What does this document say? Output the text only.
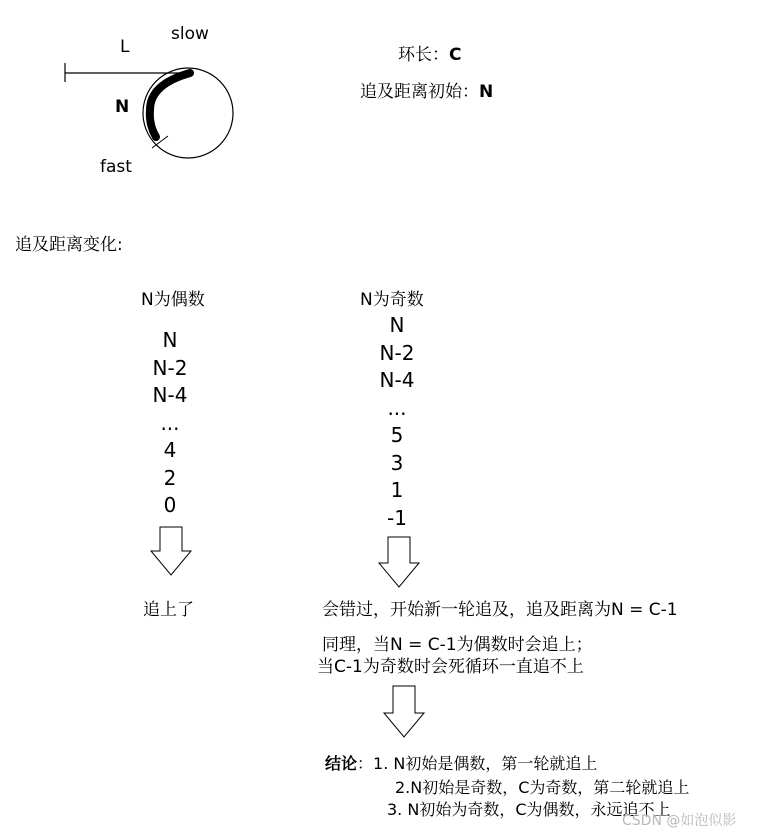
L
slow
N
fast
环长：C
追及距离初始：N
追及距离变化:
N为偶数
N
N-2
N-4
...
4
2
0
N为奇数
N
N-2
N-4
...
5
3
1
-1
追上了	会错过，开始新一轮追及，追及距离为N = C-1
同理，当N = C-1为偶数时会追上；
当C-1为奇数时会死循环一直追不上
结论：1. N初始是偶数，第一轮就追上
2.N初始是奇数，C为奇数，第二轮就追上
3. N初始为奇数，C为偶数，永远追不上
CSDN @如泡似影
